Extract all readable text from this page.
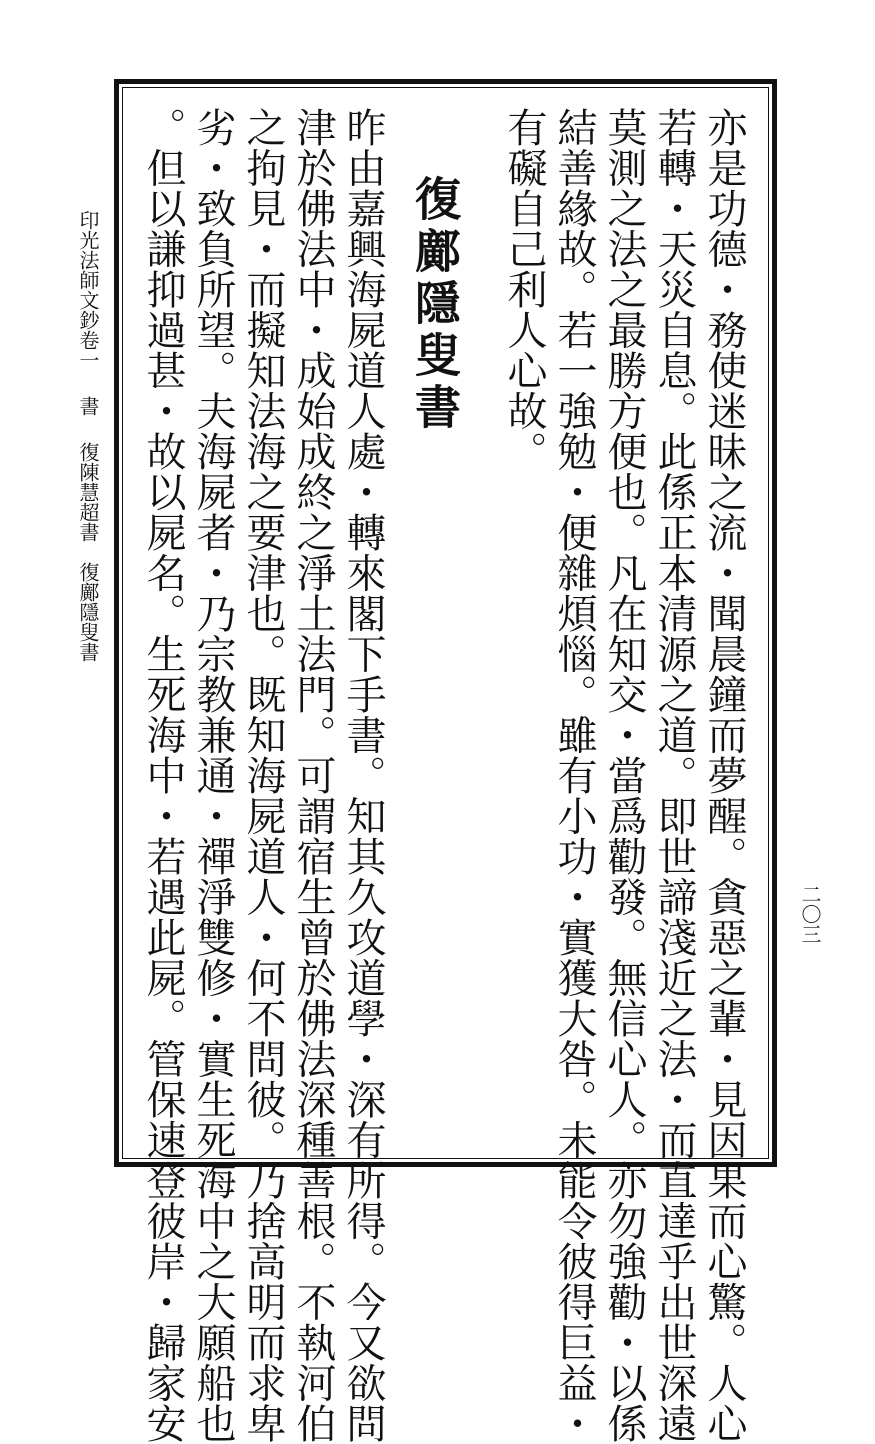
印光法師文鈔卷一
書
復陳慧超書　復鄺隱叟書
二〇三

亦是功德・務使迷昧之流・聞晨鐘而夢醒。貪惡之輩・見因果而心驚。人心

若轉・天災自息。此係正本清源之道。即世諦淺近之法・而直達乎出世深遠

莫測之法之最勝方便也。凡在知交・當爲勸發。無信心人。亦勿強勸・以係

結善緣故。若一強勉・便雜煩惱。雖有小功・實獲大咎。未能令彼得巨益・

有礙自己利人心故。

復鄺隱叟書

昨由嘉興海屍道人處・轉來閣下手書。知其久攻道學・深有所得。今又欲問

津於佛法中・成始成終之淨土法門。可謂宿生曾於佛法深種善根。不執河伯

之拘見・而擬知法海之要津也。既知海屍道人・何不問彼。乃捨高明而求卑

劣・致負所望。夫海屍者・乃宗教兼通・禪淨雙修・實生死海中之大願船也

。但以謙抑過甚・故以屍名。生死海中・若遇此屍。管保速登彼岸・歸家安
